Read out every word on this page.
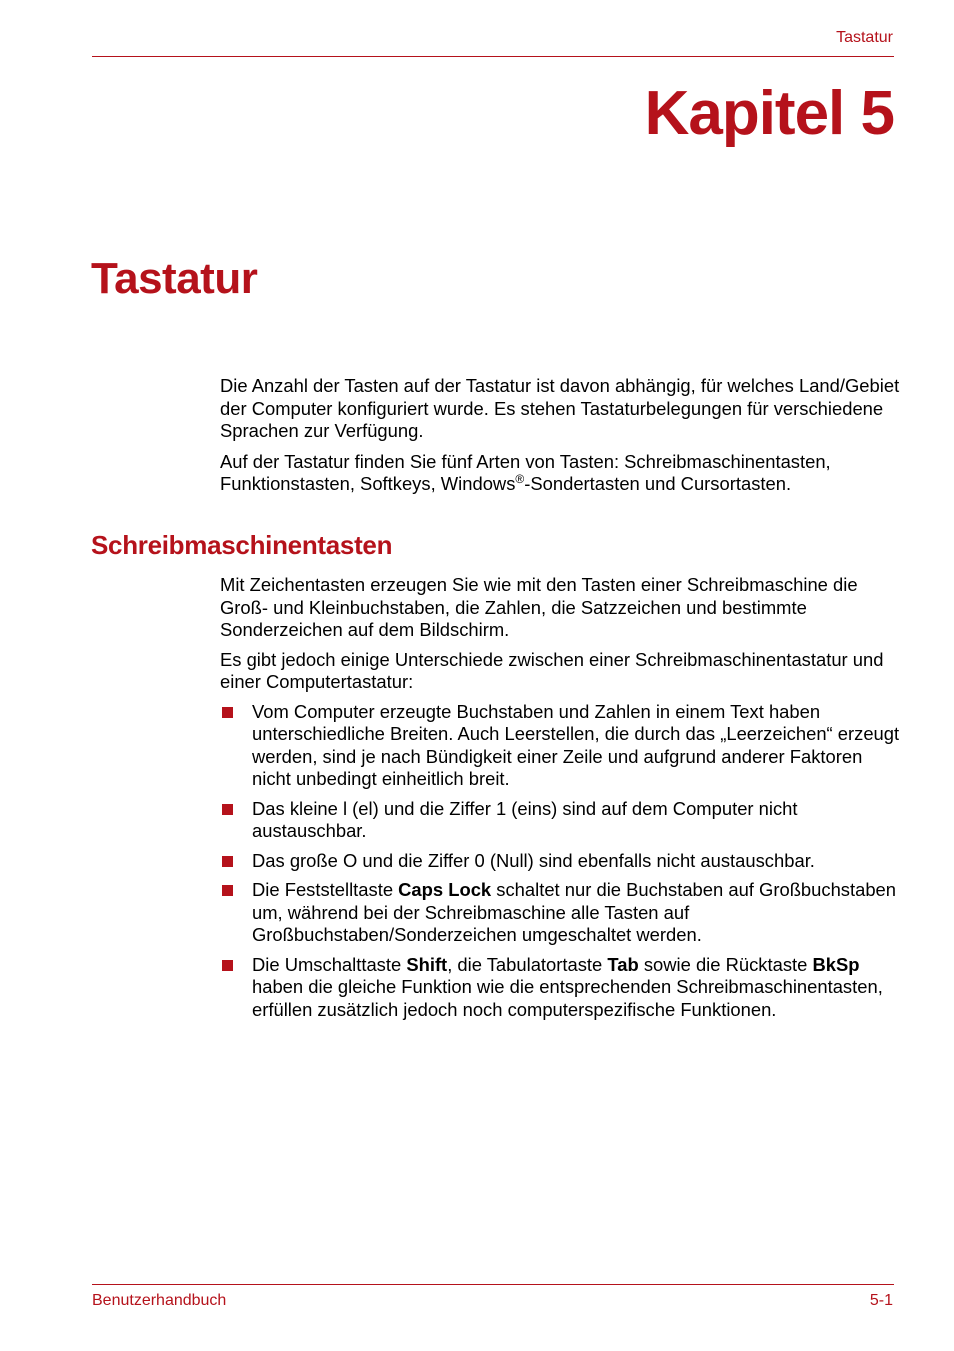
Tastatur
Kapitel 5
Tastatur

Die Anzahl der Tasten auf der Tastatur ist davon abhängig, für welches Land/Gebiet der Computer konfiguriert wurde. Es stehen Tastaturbelegungen für verschiedene Sprachen zur Verfügung.

Auf der Tastatur finden Sie fünf Arten von Tasten: Schreibmaschinentasten, Funktionstasten, Softkeys, Windows®-Sondertasten und Cursortasten.

Schreibmaschinentasten

Mit Zeichentasten erzeugen Sie wie mit den Tasten einer Schreibmaschine die Groß- und Kleinbuchstaben, die Zahlen, die Satzzeichen und bestimmte Sonderzeichen auf dem Bildschirm.

Es gibt jedoch einige Unterschiede zwischen einer Schreibmaschinentastatur und einer Computertastatur:

Vom Computer erzeugte Buchstaben und Zahlen in einem Text haben unterschiedliche Breiten. Auch Leerstellen, die durch das „Leerzeichen“ erzeugt werden, sind je nach Bündigkeit einer Zeile und aufgrund anderer Faktoren nicht unbedingt einheitlich breit.
Das kleine l (el) und die Ziffer 1 (eins) sind auf dem Computer nicht austauschbar.
Das große O und die Ziffer 0 (Null) sind ebenfalls nicht austauschbar.
Die Feststelltaste Caps Lock schaltet nur die Buchstaben auf Großbuchstaben um, während bei der Schreibmaschine alle Tasten auf Großbuchstaben/Sonderzeichen umgeschaltet werden.
Die Umschalttaste Shift, die Tabulatortaste Tab sowie die Rücktaste BkSp haben die gleiche Funktion wie die entsprechenden Schreibmaschinentasten, erfüllen zusätzlich jedoch noch computerspezifische Funktionen.
Benutzerhandbuch	5-1
